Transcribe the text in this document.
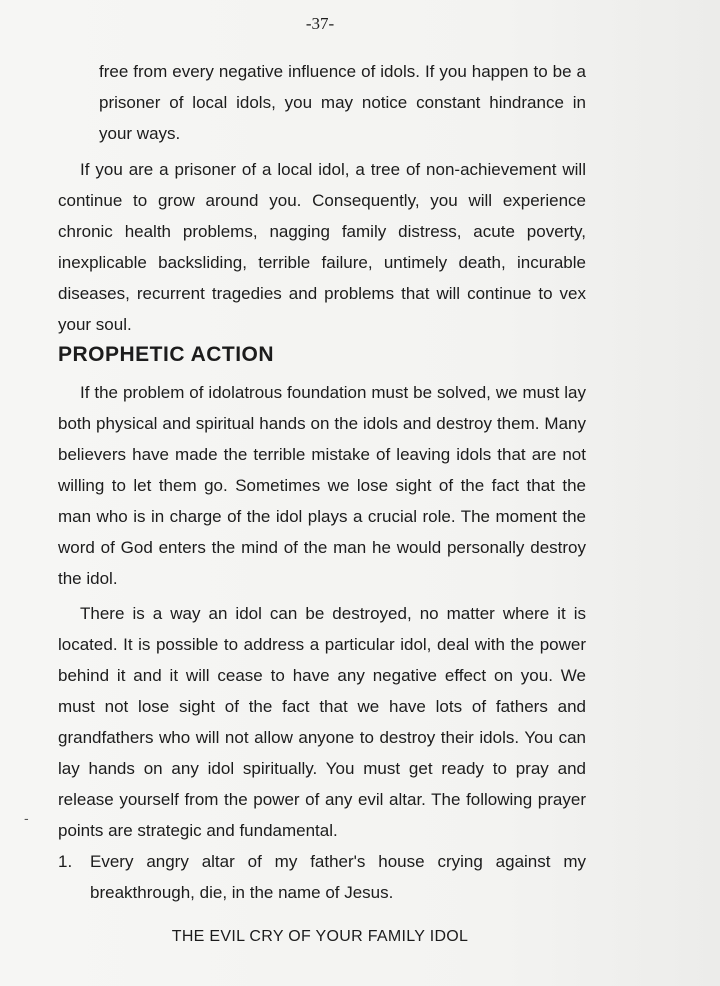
-37-

free from every negative influence of idols. If you happen to be a prisoner of local idols, you may notice constant hindrance in your ways.

If you are a prisoner of a local idol, a tree of non-achievement will continue to grow around you. Consequently, you will experience chronic health problems, nagging family distress, acute poverty, inexplicable backsliding, terrible failure, untimely death, incurable diseases, recurrent tragedies and problems that will continue to vex your soul.

PROPHETIC ACTION

If the problem of idolatrous foundation must be solved, we must lay both physical and spiritual hands on the idols and destroy them. Many believers have made the terrible mistake of leaving idols that are not willing to let them go. Sometimes we lose sight of the fact that the man who is in charge of the idol plays a crucial role. The moment the word of God enters the mind of the man he would personally destroy the idol.

There is a way an idol can be destroyed, no matter where it is located. It is possible to address a particular idol, deal with the power behind it and it will cease to have any negative effect on you. We must not lose sight of the fact that we have lots of fathers and grandfathers who will not allow anyone to destroy their idols. You can lay hands on any idol spiritually. You must get ready to pray and release yourself from the power of any evil altar. The following prayer points are strategic and fundamental.

-
1. Every angry altar of my father's house crying against my breakthrough, die, in the name of Jesus.
THE EVIL CRY OF YOUR FAMILY IDOL
